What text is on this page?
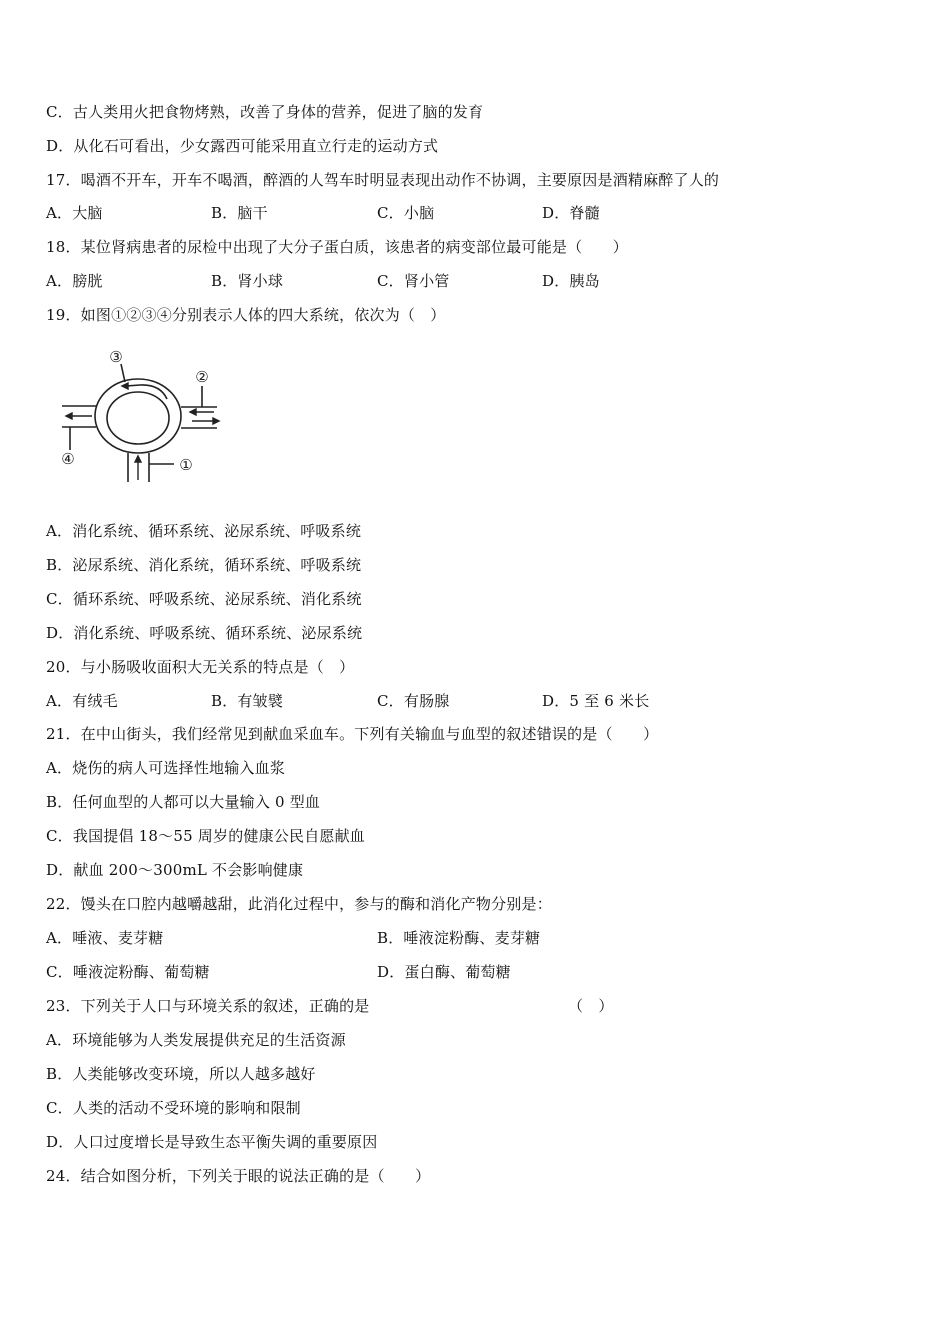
C．古人类用火把食物烤熟，改善了身体的营养，促进了脑的发育
D．从化石可看出，少女露西可能采用直立行走的运动方式
17．喝酒不开车，开车不喝酒，醉酒的人驾车时明显表现出动作不协调，主要原因是酒精麻醉了人的
A．大脑	B．脑干	C．小脑	D．脊髓
18．某位肾病患者的尿检中出现了大分子蛋白质，该患者的病变部位最可能是（　　）
A．膀胱	B．肾小球	C．肾小管	D．胰岛
19．如图①②③④分别表示人体的四大系统，依次为（　）
③
②
④	①
A．消化系统、循环系统、泌尿系统、呼吸系统
B．泌尿系统、消化系统，循环系统、呼吸系统
C．循环系统、呼吸系统、泌尿系统、消化系统
D．消化系统、呼吸系统、循环系统、泌尿系统
20．与小肠吸收面积大无关系的特点是（　）
A．有绒毛	B．有皱襞	C．有肠腺	D．5 至 6 米长
21．在中山街头，我们经常见到献血采血车。下列有关输血与血型的叙述错误的是（　　）
A．烧伤的病人可选择性地输入血浆
B．任何血型的人都可以大量输入 0 型血
C．我国提倡 18～55 周岁的健康公民自愿献血
D．献血 200～300mL 不会影响健康
22．馒头在口腔内越嚼越甜，此消化过程中，参与的酶和消化产物分别是：
A．唾液、麦芽糖	B．唾液淀粉酶、麦芽糖
C．唾液淀粉酶、葡萄糖	D．蛋白酶、葡萄糖
23．下列关于人口与环境关系的叙述，正确的是	（　）
A．环境能够为人类发展提供充足的生活资源
B．人类能够改变环境，所以人越多越好
C．人类的活动不受环境的影响和限制
D．人口过度增长是导致生态平衡失调的重要原因
24．结合如图分析，下列关于眼的说法正确的是（　　）
